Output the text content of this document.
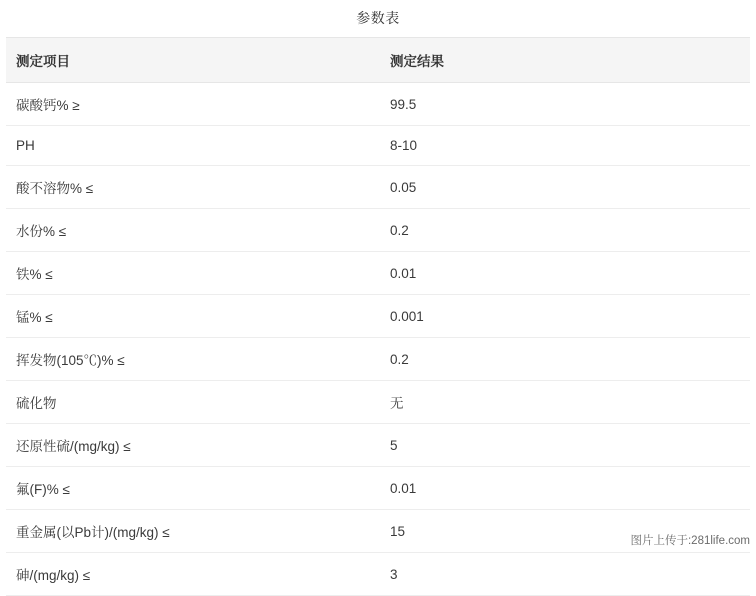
参数表
测定项目	测定结果
碳酸钙% ≥	99.5
PH	8-10
酸不溶物% ≤	0.05
水份% ≤	0.2
铁% ≤	0.01
锰% ≤	0.001
挥发物(105℃)% ≤	0.2
硫化物	无
还原性硫/(mg/kg) ≤	5
氟(F)% ≤	0.01
重金属(以Pb计)/(mg/kg) ≤	15
砷/(mg/kg) ≤	3
图片上传于:281life.com
